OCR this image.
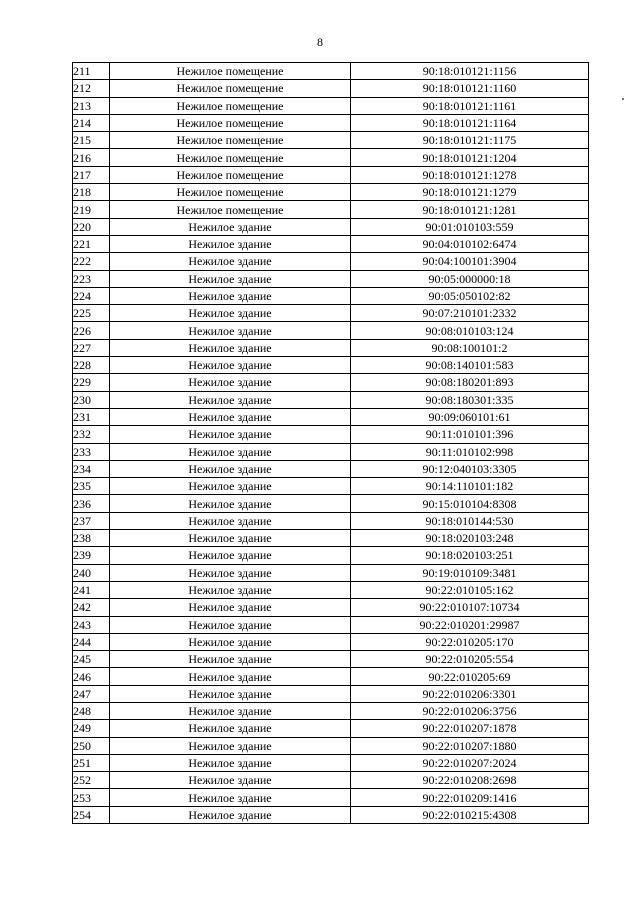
8
211	Нежилое помещение	90:18:010121:1156
212	Нежилое помещение	90:18:010121:1160
213	Нежилое помещение	90:18:010121:1161
214	Нежилое помещение	90:18:010121:1164
215	Нежилое помещение	90:18:010121:1175
216	Нежилое помещение	90:18:010121:1204
217	Нежилое помещение	90:18:010121:1278
218	Нежилое помещение	90:18:010121:1279
219	Нежилое помещение	90:18:010121:1281
220	Нежилое здание	90:01:010103:559
221	Нежилое здание	90:04:010102:6474
222	Нежилое здание	90:04:100101:3904
223	Нежилое здание	90:05:000000:18
224	Нежилое здание	90:05:050102:82
225	Нежилое здание	90:07:210101:2332
226	Нежилое здание	90:08:010103:124
227	Нежилое здание	90:08:100101:2
228	Нежилое здание	90:08:140101:583
229	Нежилое здание	90:08:180201:893
230	Нежилое здание	90:08:180301:335
231	Нежилое здание	90:09:060101:61
232	Нежилое здание	90:11:010101:396
233	Нежилое здание	90:11:010102:998
234	Нежилое здание	90:12:040103:3305
235	Нежилое здание	90:14:110101:182
236	Нежилое здание	90:15:010104:8308
237	Нежилое здание	90:18:010144:530
238	Нежилое здание	90:18:020103:248
239	Нежилое здание	90:18:020103:251
240	Нежилое здание	90:19:010109:3481
241	Нежилое здание	90:22:010105:162
242	Нежилое здание	90:22:010107:10734
243	Нежилое здание	90:22:010201:29987
244	Нежилое здание	90:22:010205:170
245	Нежилое здание	90:22:010205:554
246	Нежилое здание	90:22:010205:69
247	Нежилое здание	90:22:010206:3301
248	Нежилое здание	90:22:010206:3756
249	Нежилое здание	90:22:010207:1878
250	Нежилое здание	90:22:010207:1880
251	Нежилое здание	90:22:010207:2024
252	Нежилое здание	90:22:010208:2698
253	Нежилое здание	90:22:010209:1416
254	Нежилое здание	90:22:010215:4308
